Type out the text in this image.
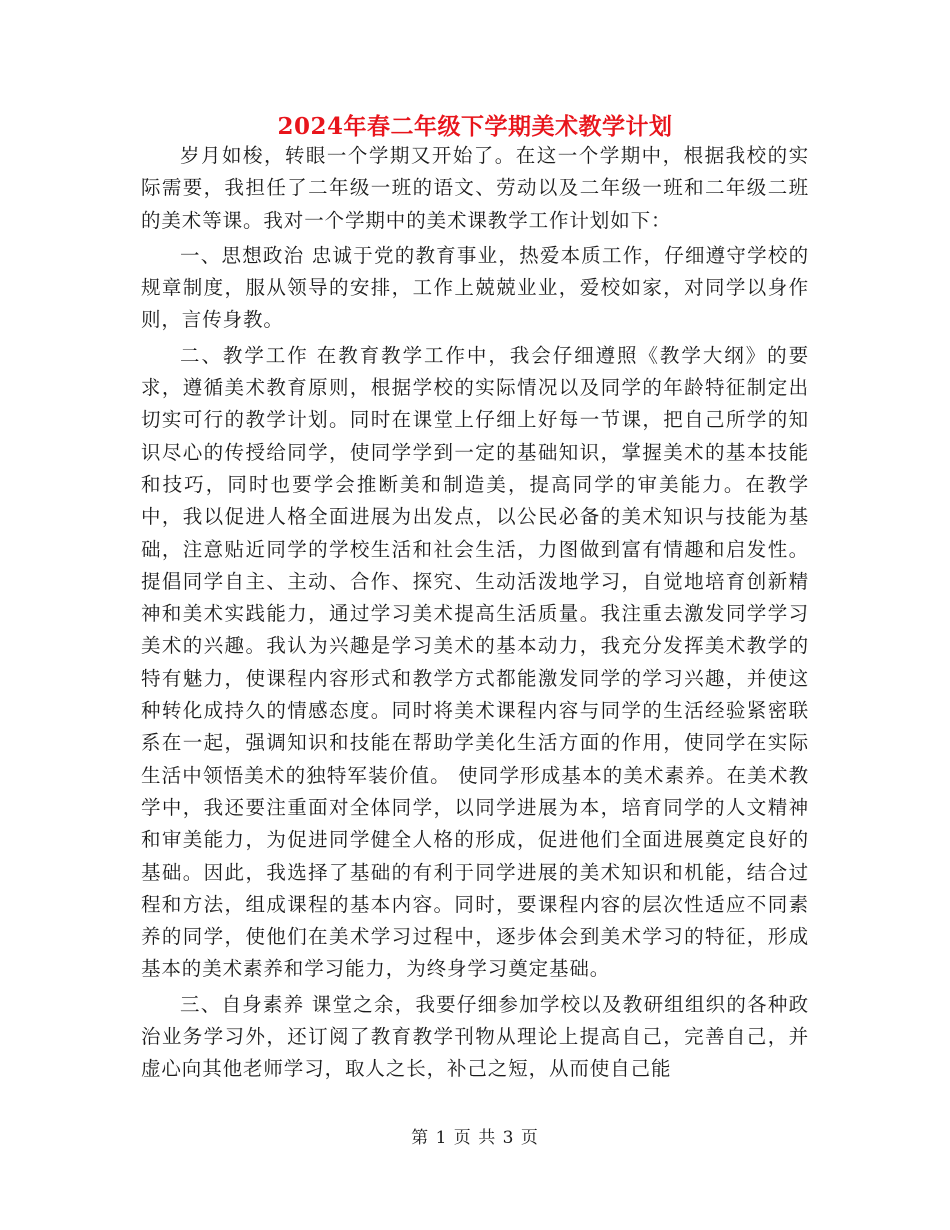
2024年春二年级下学期美术教学计划

岁月如梭，转眼一个学期又开始了。在这一个学期中，根据我校的实际需要，我担任了二年级一班的语文、劳动以及二年级一班和二年级二班的美术等课。我对一个学期中的美术课教学工作计划如下：

一、思想政治 忠诚于党的教育事业，热爱本质工作，仔细遵守学校的规章制度，服从领导的安排，工作上兢兢业业，爱校如家，对同学以身作则，言传身教。

二、教学工作 在教育教学工作中，我会仔细遵照《教学大纲》的要求，遵循美术教育原则，根据学校的实际情况以及同学的年龄特征制定出切实可行的教学计划。同时在课堂上仔细上好每一节课，把自己所学的知识尽心的传授给同学，使同学学到一定的基础知识，掌握美术的基本技能和技巧，同时也要学会推断美和制造美，提高同学的审美能力。在教学中，我以促进人格全面进展为出发点，以公民必备的美术知识与技能为基础，注意贴近同学的学校生活和社会生活，力图做到富有情趣和启发性。提倡同学自主、主动、合作、探究、生动活泼地学习，自觉地培育创新精神和美术实践能力，通过学习美术提高生活质量。我注重去激发同学学习美术的兴趣。我认为兴趣是学习美术的基本动力，我充分发挥美术教学的特有魅力，使课程内容形式和教学方式都能激发同学的学习兴趣，并使这种转化成持久的情感态度。同时将美术课程内容与同学的生活经验紧密联系在一起，强调知识和技能在帮助学美化生活方面的作用，使同学在实际生活中领悟美术的独特军装价值。 使同学形成基本的美术素养。在美术教学中，我还要注重面对全体同学，以同学进展为本，培育同学的人文精神和审美能力，为促进同学健全人格的形成，促进他们全面进展奠定良好的基础。因此，我选择了基础的有利于同学进展的美术知识和机能，结合过程和方法，组成课程的基本内容。同时，要课程内容的层次性适应不同素养的同学，使他们在美术学习过程中，逐步体会到美术学习的特征，形成基本的美术素养和学习能力，为终身学习奠定基础。

三、自身素养 课堂之余，我要仔细参加学校以及教研组组织的各种政治业务学习外，还订阅了教育教学刊物从理论上提高自己，完善自己，并虚心向其他老师学习，取人之长，补己之短，从而使自己能

第 1 页 共 3 页
